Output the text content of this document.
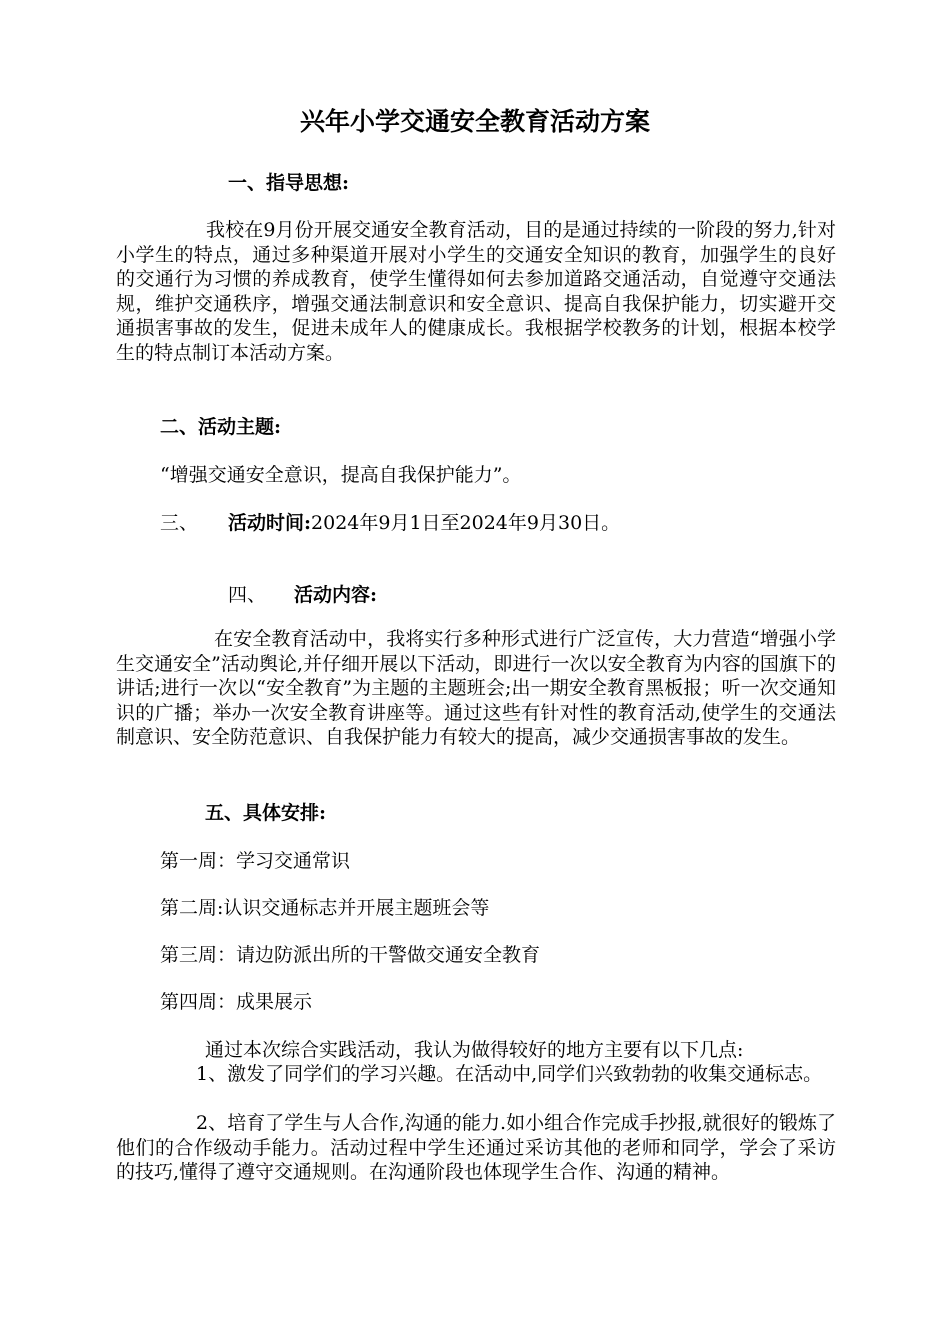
兴年小学交通安全教育活动方案

一、指导思想:

我校在9月份开展交通安全教育活动，目的是通过持续的一阶段的努力,针对小学生的特点，通过多种渠道开展对小学生的交通安全知识的教育，加强学生的良好的交通行为习惯的养成教育，使学生懂得如何去参加道路交通活动，自觉遵守交通法规，维护交通秩序，增强交通法制意识和安全意识、提高自我保护能力，切实避开交通损害事故的发生，促进未成年人的健康成长。我根据学校教务的计划，根据本校学生的特点制订本活动方案。

二、活动主题:

“增强交通安全意识，提高自我保护能力”。

三、 活动时间:2024年9月1日至2024年9月30日。

四、 活动内容:

在安全教育活动中，我将实行多种形式进行广泛宣传，大力营造“增强小学生交通安全”活动舆论,并仔细开展以下活动，即进行一次以安全教育为内容的国旗下的讲话;进行一次以“安全教育”为主题的主题班会;出一期安全教育黑板报；听一次交通知识的广播；举办一次安全教育讲座等。通过这些有针对性的教育活动,使学生的交通法制意识、安全防范意识、自我保护能力有较大的提高，减少交通损害事故的发生。

五、具体安排:

第一周：学习交通常识

第二周:认识交通标志并开展主题班会等

第三周：请边防派出所的干警做交通安全教育

第四周：成果展示

通过本次综合实践活动，我认为做得较好的地方主要有以下几点:

1、激发了同学们的学习兴趣。在活动中,同学们兴致勃勃的收集交通标志。

2、培育了学生与人合作,沟通的能力.如小组合作完成手抄报,就很好的锻炼了他们的合作级动手能力。活动过程中学生还通过采访其他的老师和同学，学会了采访的技巧,懂得了遵守交通规则。在沟通阶段也体现学生合作、沟通的精神。
